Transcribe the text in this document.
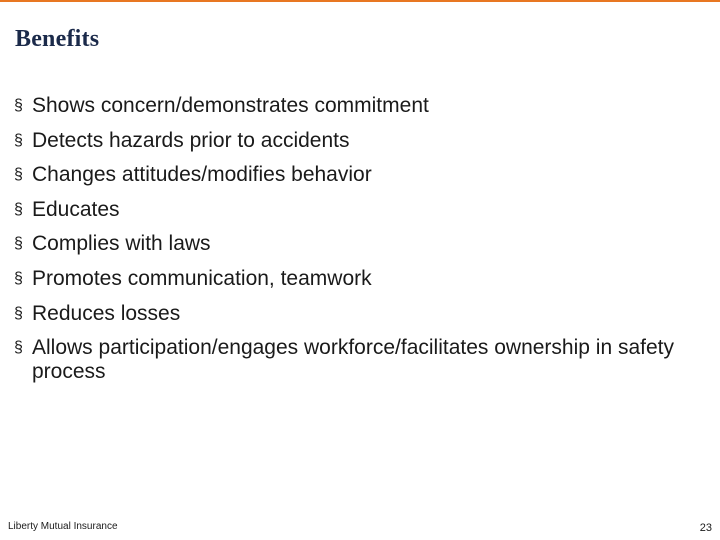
Benefits
§ Shows concern/demonstrates commitment
§ Detects hazards prior to accidents
§ Changes attitudes/modifies behavior
§ Educates
§ Complies with laws
§ Promotes communication, teamwork
§ Reduces losses
§ Allows participation/engages workforce/facilitates ownership in safety process
Liberty Mutual Insurance	23
